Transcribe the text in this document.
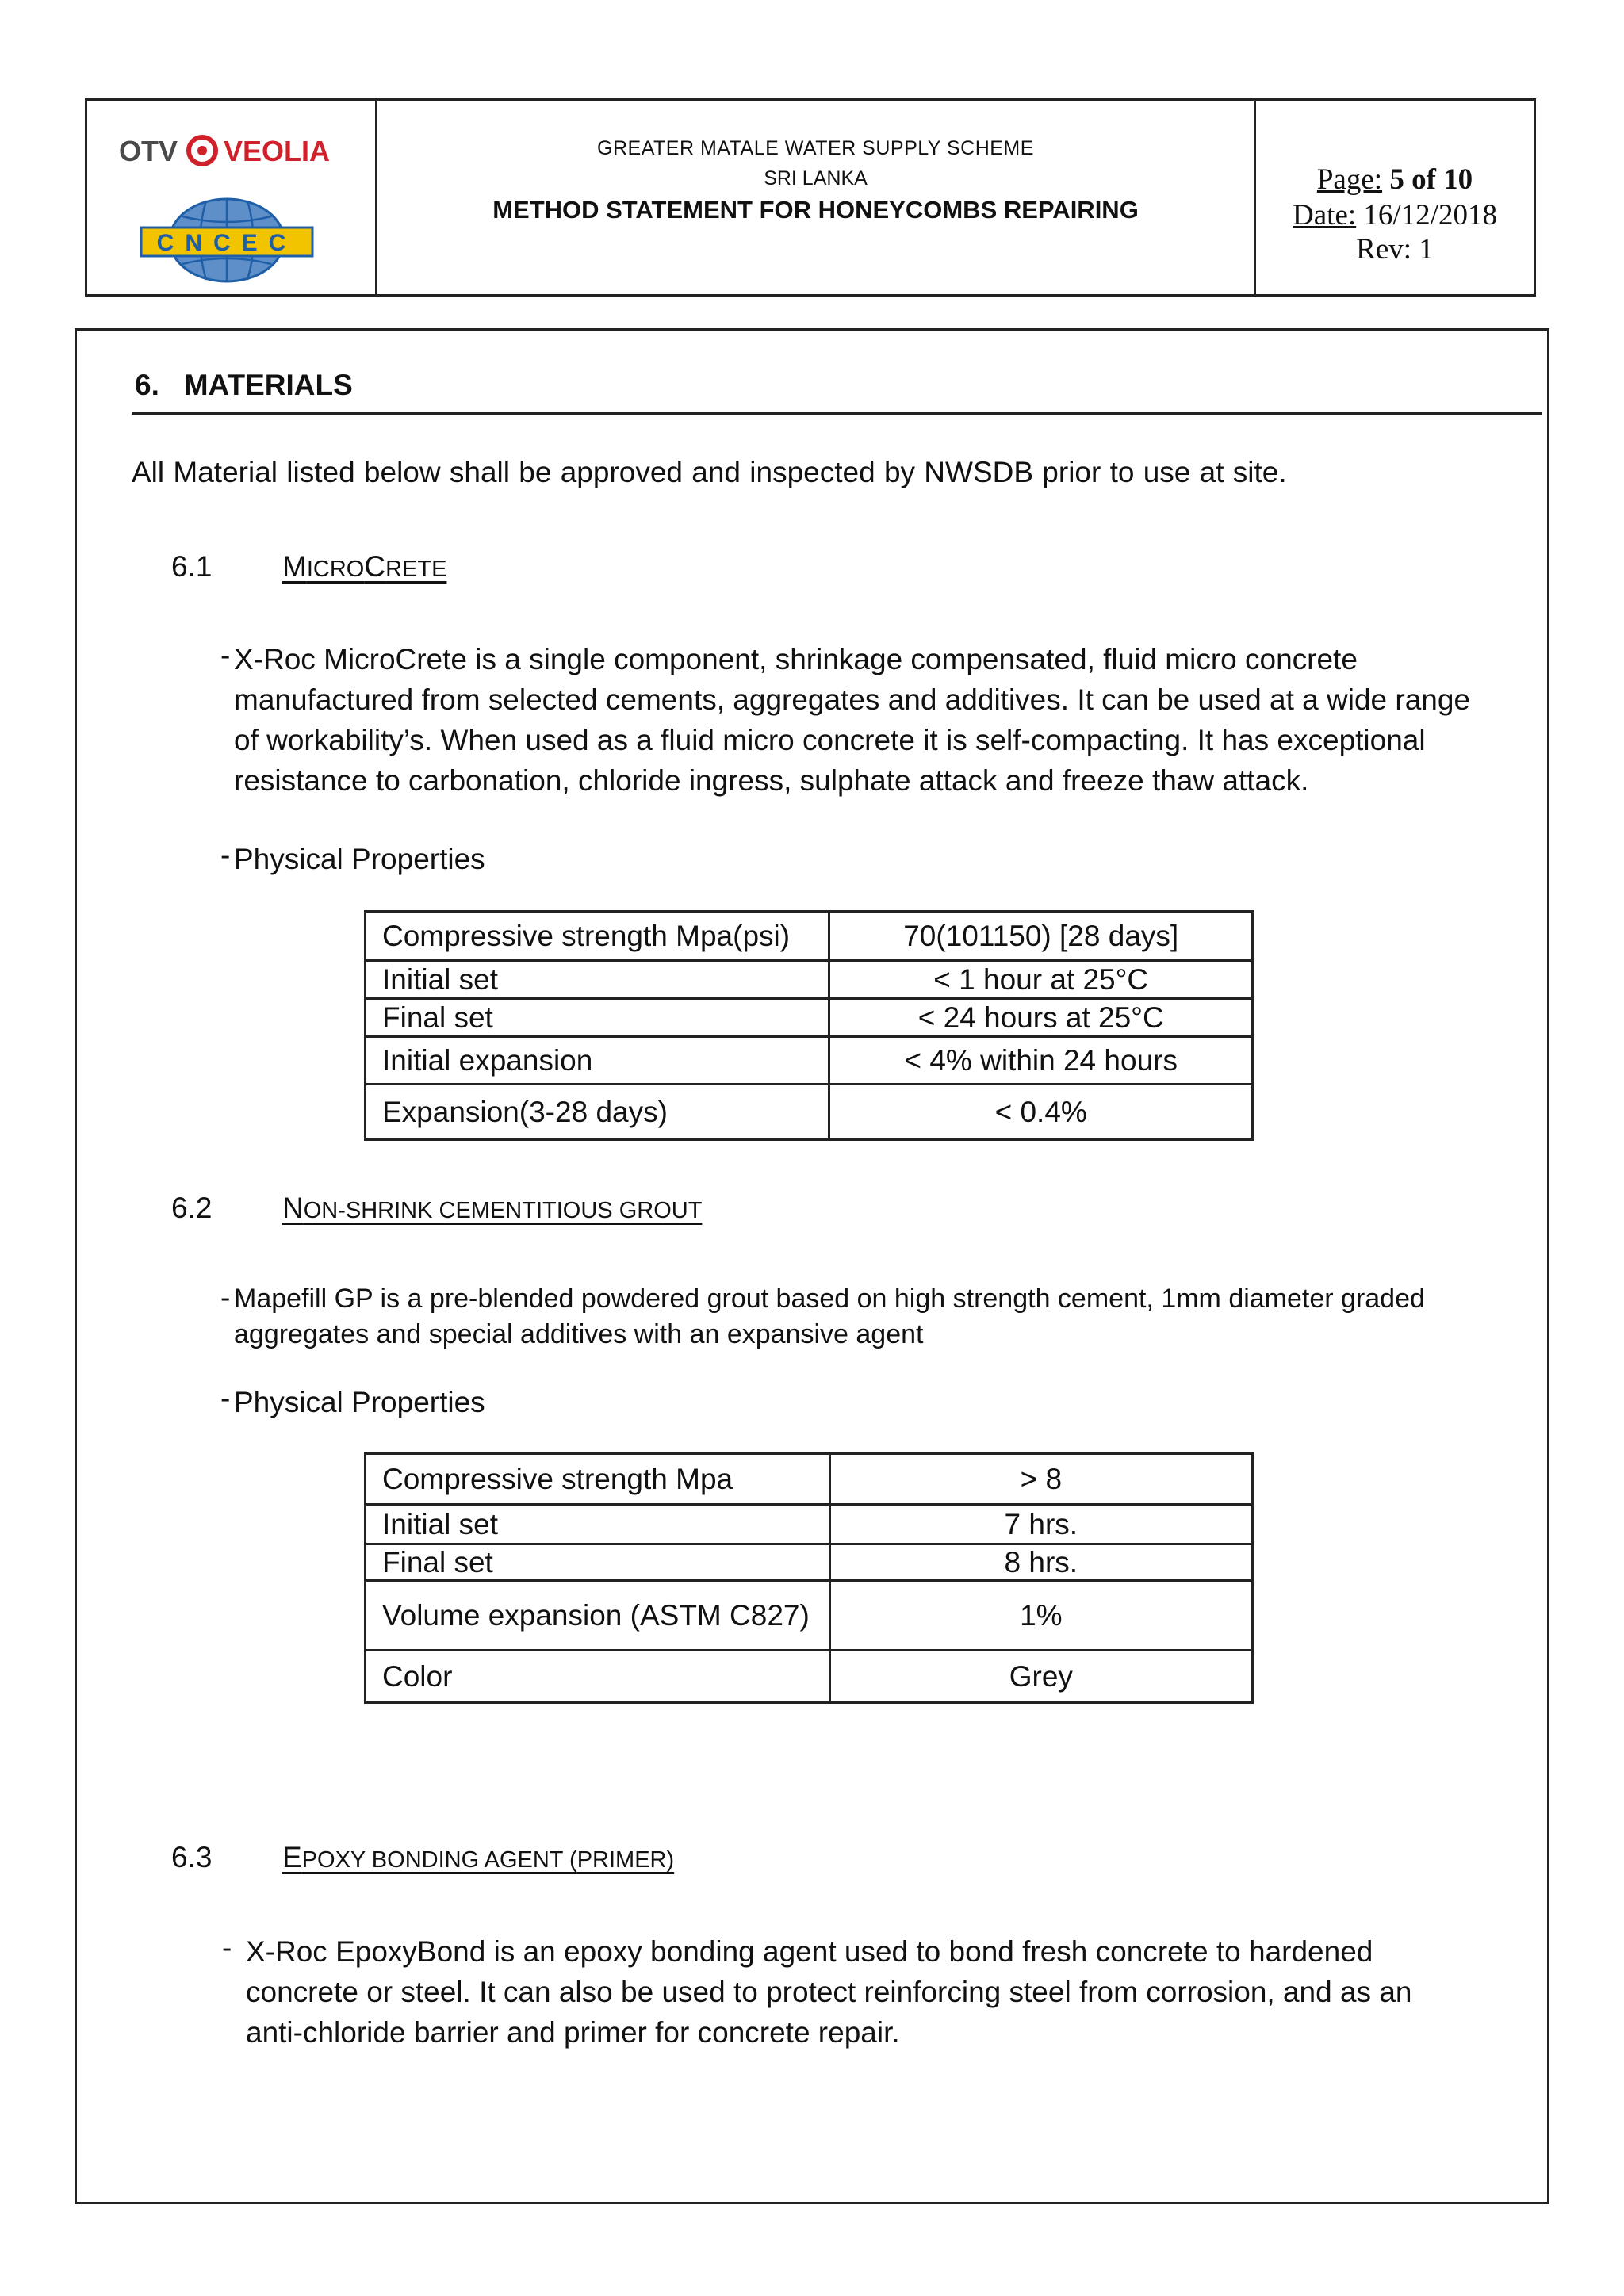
OTV VEOLIA
CNCEC
GREATER MATALE WATER SUPPLY SCHEME
SRI LANKA
METHOD STATEMENT FOR HONEYCOMBS REPAIRING
Page: 5 of 10
Date: 16/12/2018
Rev: 1
6.   MATERIALS
All Material listed below shall be approved and inspected by NWSDB prior to use at site.
6.1 MICROCRETE
- X-Roc MicroCrete is a single component, shrinkage compensated, fluid micro concrete
manufactured from selected cements, aggregates and additives. It can be used at a wide range
of workability’s. When used as a fluid micro concrete it is self-compacting. It has exceptional
resistance to carbonation, chloride ingress, sulphate attack and freeze thaw attack.
- Physical Properties
Compressive strength Mpa(psi)	70(101150) [28 days]
Initial set	< 1 hour at 25°C
Final set	< 24 hours at 25°C
Initial expansion	< 4% within 24 hours
Expansion(3-28 days)	< 0.4%
6.2 NON-SHRINK CEMENTITIOUS GROUT
- Mapefill GP is a pre-blended powdered grout based on high strength cement, 1mm diameter graded
aggregates and special additives with an expansive agent
- Physical Properties
Compressive strength Mpa	> 8
Initial set	7 hrs.
Final set	8 hrs.
Volume expansion (ASTM C827)	1%
Color	Grey
6.3 EPOXY BONDING AGENT (PRIMER)
- X-Roc EpoxyBond is an epoxy bonding agent used to bond fresh concrete to hardened
concrete or steel. It can also be used to protect reinforcing steel from corrosion, and as an
anti-chloride barrier and primer for concrete repair.
